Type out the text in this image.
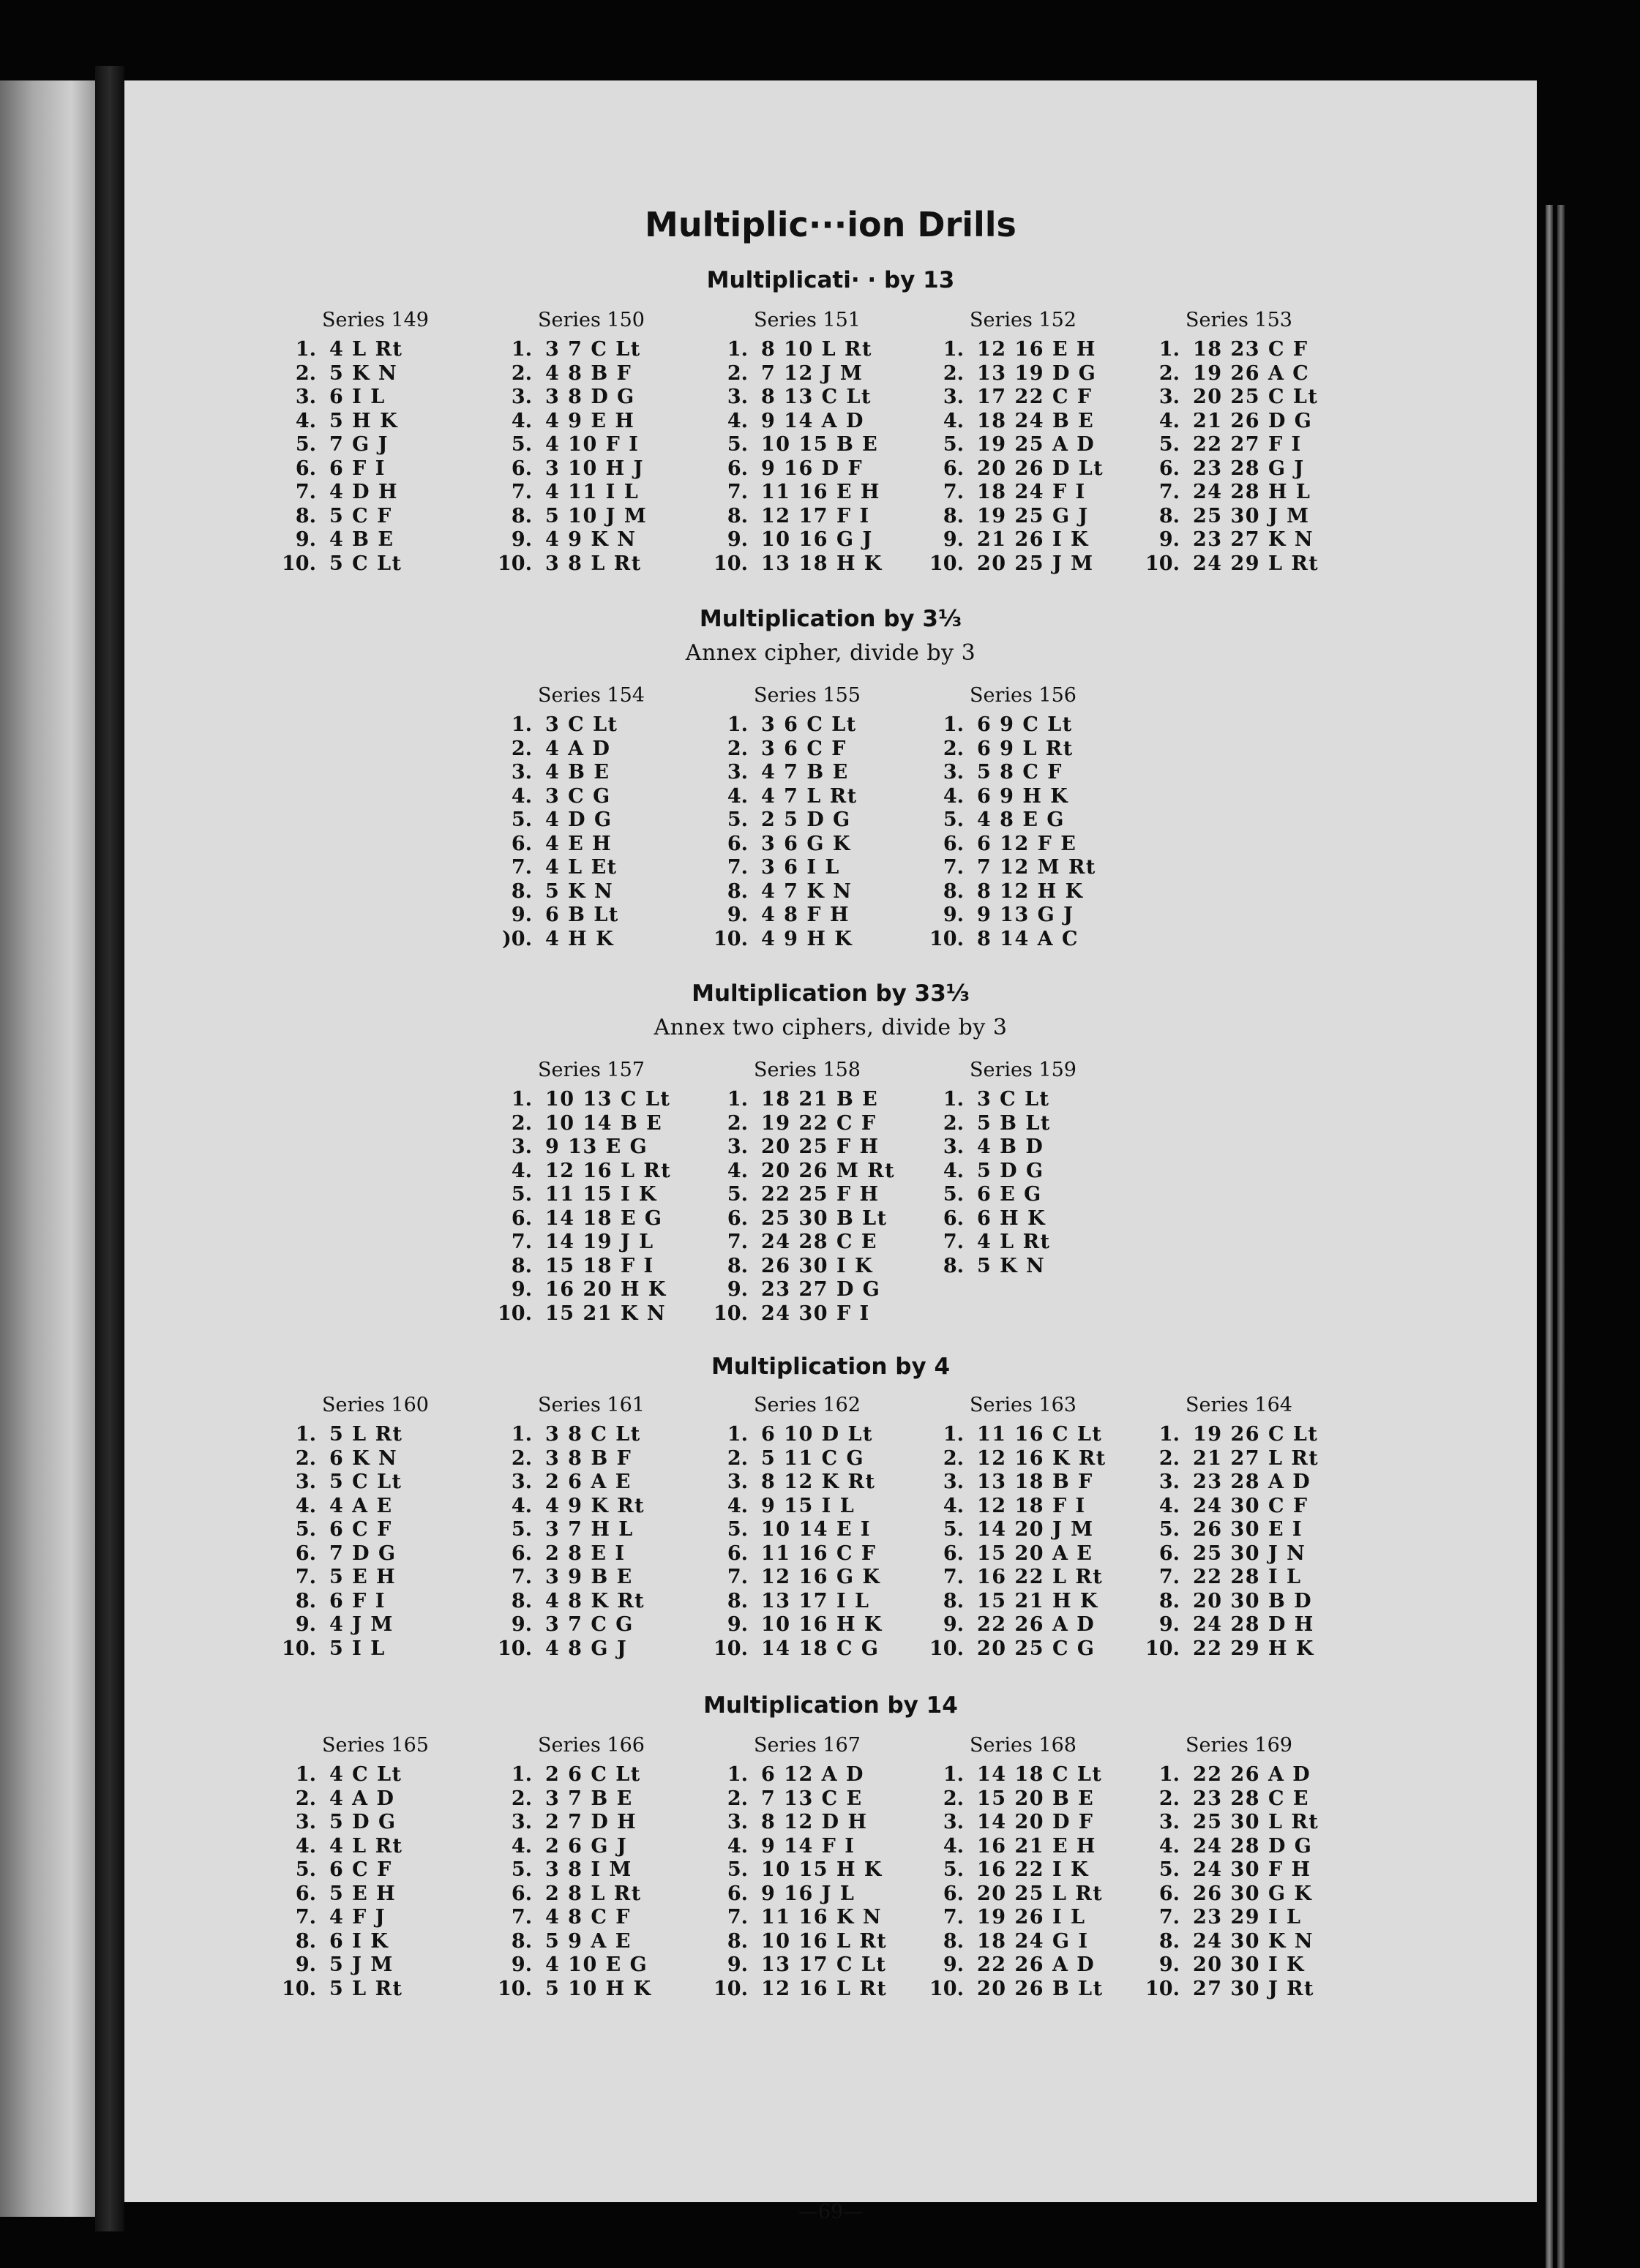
Multiplic···ion Drills
Multiplicati· · by 13
Series 149
1. 4 L Rt
2. 5 K N
3. 6 I L
4. 5 H K
5. 7 G J
6. 6 F I
7. 4 D H
8. 5 C F
9. 4 B E
10. 5 C Lt
Series 150
1. 3 7 C Lt
2. 4 8 B F
3. 3 8 D G
4. 4 9 E H
5. 4 10 F I
6. 3 10 H J
7. 4 11 I L
8. 5 10 J M
9. 4 9 K N
10. 3 8 L Rt
Series 151
1. 8 10 L Rt
2. 7 12 J M
3. 8 13 C Lt
4. 9 14 A D
5. 10 15 B E
6. 9 16 D F
7. 11 16 E H
8. 12 17 F I
9. 10 16 G J
10. 13 18 H K
Series 152
1. 12 16 E H
2. 13 19 D G
3. 17 22 C F
4. 18 24 B E
5. 19 25 A D
6. 20 26 D Lt
7. 18 24 F I
8. 19 25 G J
9. 21 26 I K
10. 20 25 J M
Series 153
1. 18 23 C F
2. 19 26 A C
3. 20 25 C Lt
4. 21 26 D G
5. 22 27 F I
6. 23 28 G J
7. 24 28 H L
8. 25 30 J M
9. 23 27 K N
10. 24 29 L Rt
Multiplication by 3⅓
Annex cipher, divide by 3
Series 154
1. 3 C Lt
2. 4 A D
3. 4 B E
4. 3 C G
5. 4 D G
6. 4 E H
7. 4 L Et
8. 5 K N
9. 6 B Lt
)0. 4 H K
Series 155
1. 3 6 C Lt
2. 3 6 C F
3. 4 7 B E
4. 4 7 L Rt
5. 2 5 D G
6. 3 6 G K
7. 3 6 I L
8. 4 7 K N
9. 4 8 F H
10. 4 9 H K
Series 156
1. 6 9 C Lt
2. 6 9 L Rt
3. 5 8 C F
4. 6 9 H K
5. 4 8 E G
6. 6 12 F E
7. 7 12 M Rt
8. 8 12 H K
9. 9 13 G J
10. 8 14 A C
Multiplication by 33⅓
Annex two ciphers, divide by 3
Series 157
1. 10 13 C Lt
2. 10 14 B E
3. 9 13 E G
4. 12 16 L Rt
5. 11 15 I K
6. 14 18 E G
7. 14 19 J L
8. 15 18 F I
9. 16 20 H K
10. 15 21 K N
Series 158
1. 18 21 B E
2. 19 22 C F
3. 20 25 F H
4. 20 26 M Rt
5. 22 25 F H
6. 25 30 B Lt
7. 24 28 C E
8. 26 30 I K
9. 23 27 D G
10. 24 30 F I
Series 159
1. 3 C Lt
2. 5 B Lt
3. 4 B D
4. 5 D G
5. 6 E G
6. 6 H K
7. 4 L Rt
8. 5 K N
Multiplication by 4
Series 160
1. 5 L Rt
2. 6 K N
3. 5 C Lt
4. 4 A E
5. 6 C F
6. 7 D G
7. 5 E H
8. 6 F I
9. 4 J M
10. 5 I L
Series 161
1. 3 8 C Lt
2. 3 8 B F
3. 2 6 A E
4. 4 9 K Rt
5. 3 7 H L
6. 2 8 E I
7. 3 9 B E
8. 4 8 K Rt
9. 3 7 C G
10. 4 8 G J
Series 162
1. 6 10 D Lt
2. 5 11 C G
3. 8 12 K Rt
4. 9 15 I L
5. 10 14 E I
6. 11 16 C F
7. 12 16 G K
8. 13 17 I L
9. 10 16 H K
10. 14 18 C G
Series 163
1. 11 16 C Lt
2. 12 16 K Rt
3. 13 18 B F
4. 12 18 F I
5. 14 20 J M
6. 15 20 A E
7. 16 22 L Rt
8. 15 21 H K
9. 22 26 A D
10. 20 25 C G
Series 164
1. 19 26 C Lt
2. 21 27 L Rt
3. 23 28 A D
4. 24 30 C F
5. 26 30 E I
6. 25 30 J N
7. 22 28 I L
8. 20 30 B D
9. 24 28 D H
10. 22 29 H K
Multiplication by 14
Series 165
1. 4 C Lt
2. 4 A D
3. 5 D G
4. 4 L Rt
5. 6 C F
6. 5 E H
7. 4 F J
8. 6 I K
9. 5 J M
10. 5 L Rt
Series 166
1. 2 6 C Lt
2. 3 7 B E
3. 2 7 D H
4. 2 6 G J
5. 3 8 I M
6. 2 8 L Rt
7. 4 8 C F
8. 5 9 A E
9. 4 10 E G
10. 5 10 H K
Series 167
1. 6 12 A D
2. 7 13 C E
3. 8 12 D H
4. 9 14 F I
5. 10 15 H K
6. 9 16 J L
7. 11 16 K N
8. 10 16 L Rt
9. 13 17 C Lt
10. 12 16 L Rt
Series 168
1. 14 18 C Lt
2. 15 20 B E
3. 14 20 D F
4. 16 21 E H
5. 16 22 I K
6. 20 25 L Rt
7. 19 26 I L
8. 18 24 G I
9. 22 26 A D
10. 20 26 B Lt
Series 169
1. 22 26 A D
2. 23 28 C E
3. 25 30 L Rt
4. 24 28 D G
5. 24 30 F H
6. 26 30 G K
7. 23 29 I L
8. 24 30 K N
9. 20 30 I K
10. 27 30 J Rt
—69—
